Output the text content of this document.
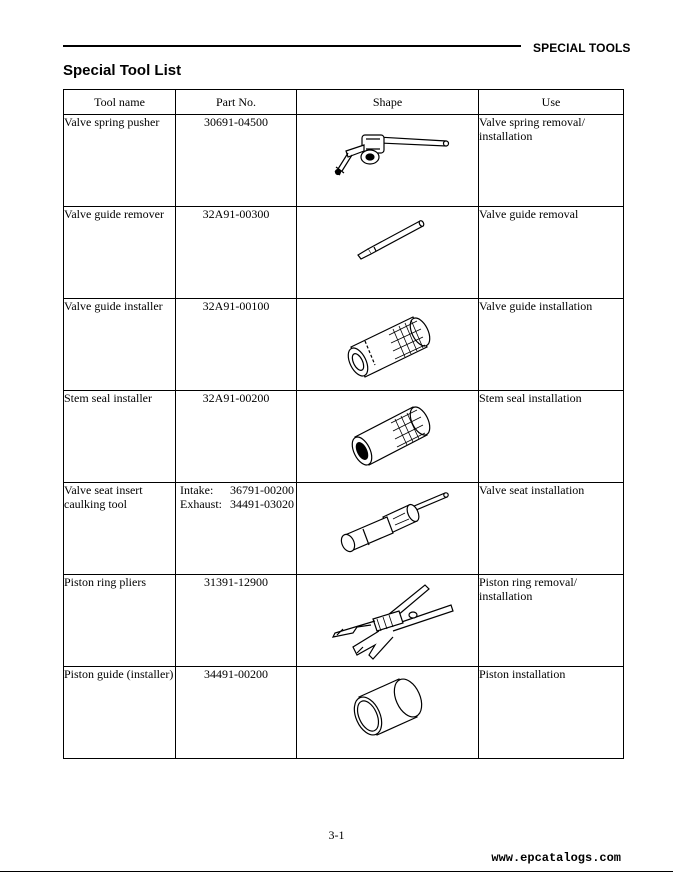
SPECIAL TOOLS
Special Tool List
Tool name	Part No.	Shape	Use
Valve spring pusher	30691-04500		Valve spring removal/ installation
Valve guide remover	32A91-00300		Valve guide removal
Valve guide installer	32A91-00100		Valve guide installation
Stem seal installer	32A91-00200		Stem seal installation
Valve seat insert caulking tool	Intake: 36791-00200
Exhaust: 34491-03020		Valve seat installation
Piston ring pliers	31391-12900		Piston ring removal/ installation
Piston guide (installer)	34491-00200		Piston installation
3-1
www.epcatalogs.com
